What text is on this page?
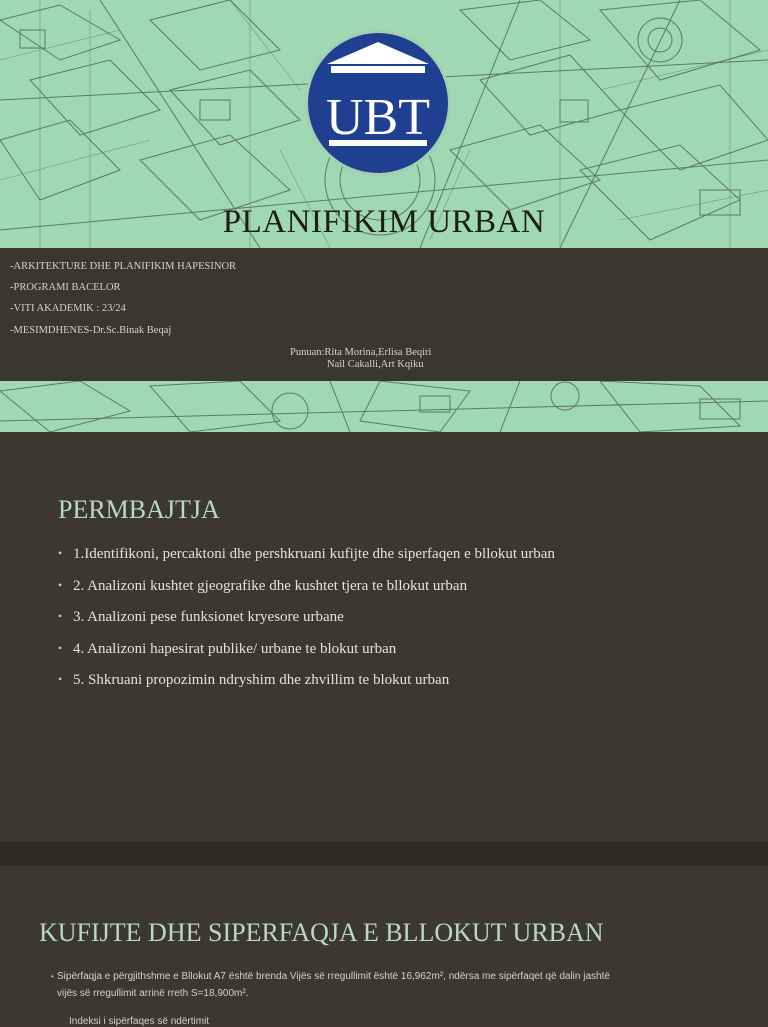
UBT
PLANIFIKIM URBAN
-ARKITEKTURE DHE PLANIFIKIM HAPESINOR
-PROGRAMI BACELOR
-VITI AKADEMIK : 23/24
-MESIMDHENES-Dr.Sc.Binak Beqaj
Punuan:Rita Morina,Erlisa Beqiri
Nail Cakalli,Art Kqiku
PERMBAJTJA
• 1.Identifikoni, percaktoni dhe pershkruani kufijte dhe siperfaqen e bllokut urban
• 2. Analizoni kushtet gjeografike dhe kushtet tjera te bllokut urban
• 3. Analizoni pese funksionet kryesore urbane
• 4. Analizoni hapesirat publike/ urbane te blokut urban
• 5. Shkruani propozimin ndryshim dhe zhvillim te blokut urban
KUFIJTE DHE SIPERFAQJA E BLLOKUT URBAN
• Sipërfaqja e përgjithshme e Bllokut A7 është brenda Vijës së rregullimit është 16,962m², ndërsa me sipërfaqet që dalin jashtë vijës së rregullimit arrinë rreth S=18,900m².
Indeksi i sipërfaqes së ndërtimit
